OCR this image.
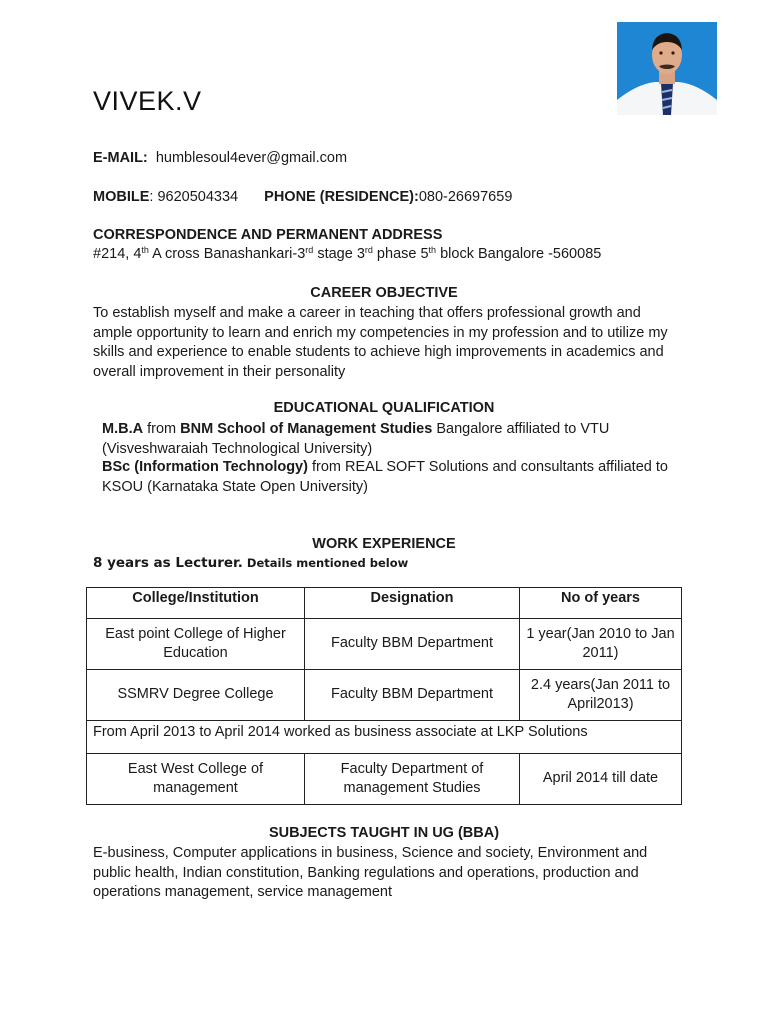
VIVEK.V
E-MAIL: humblesoul4ever@gmail.com
MOBILE: 9620504334 PHONE (RESIDENCE):080-26697659
CORRESPONDENCE AND PERMANENT ADDRESS
#214, 4th A cross Banashankari-3rd stage 3rd phase 5th block Bangalore -560085
CAREER OBJECTIVE
To establish myself and make a career in teaching that offers professional growth and ample opportunity to learn and enrich my competencies in my profession and to utilize my skills and experience to enable students to achieve high improvements in academics and overall improvement in their personality
EDUCATIONAL QUALIFICATION
M.B.A from BNM School of Management Studies Bangalore affiliated to VTU (Visveshwaraiah Technological University)
BSc (Information Technology) from REAL SOFT Solutions and consultants affiliated to KSOU (Karnataka State Open University)
WORK EXPERIENCE
8 years as Lecturer. Details mentioned below
College/Institution	Designation	No of years
East point College of Higher Education	Faculty BBM Department	1 year(Jan 2010 to Jan 2011)
SSMRV Degree College	Faculty BBM Department	2.4 years(Jan 2011 to April2013)
From April 2013 to April 2014 worked as business associate at LKP Solutions		
East West College of management	Faculty Department of management Studies	April 2014 till date
SUBJECTS TAUGHT IN UG (BBA)
E-business, Computer applications in business, Science and society, Environment and public health, Indian constitution, Banking regulations and operations, production and operations management, service management
